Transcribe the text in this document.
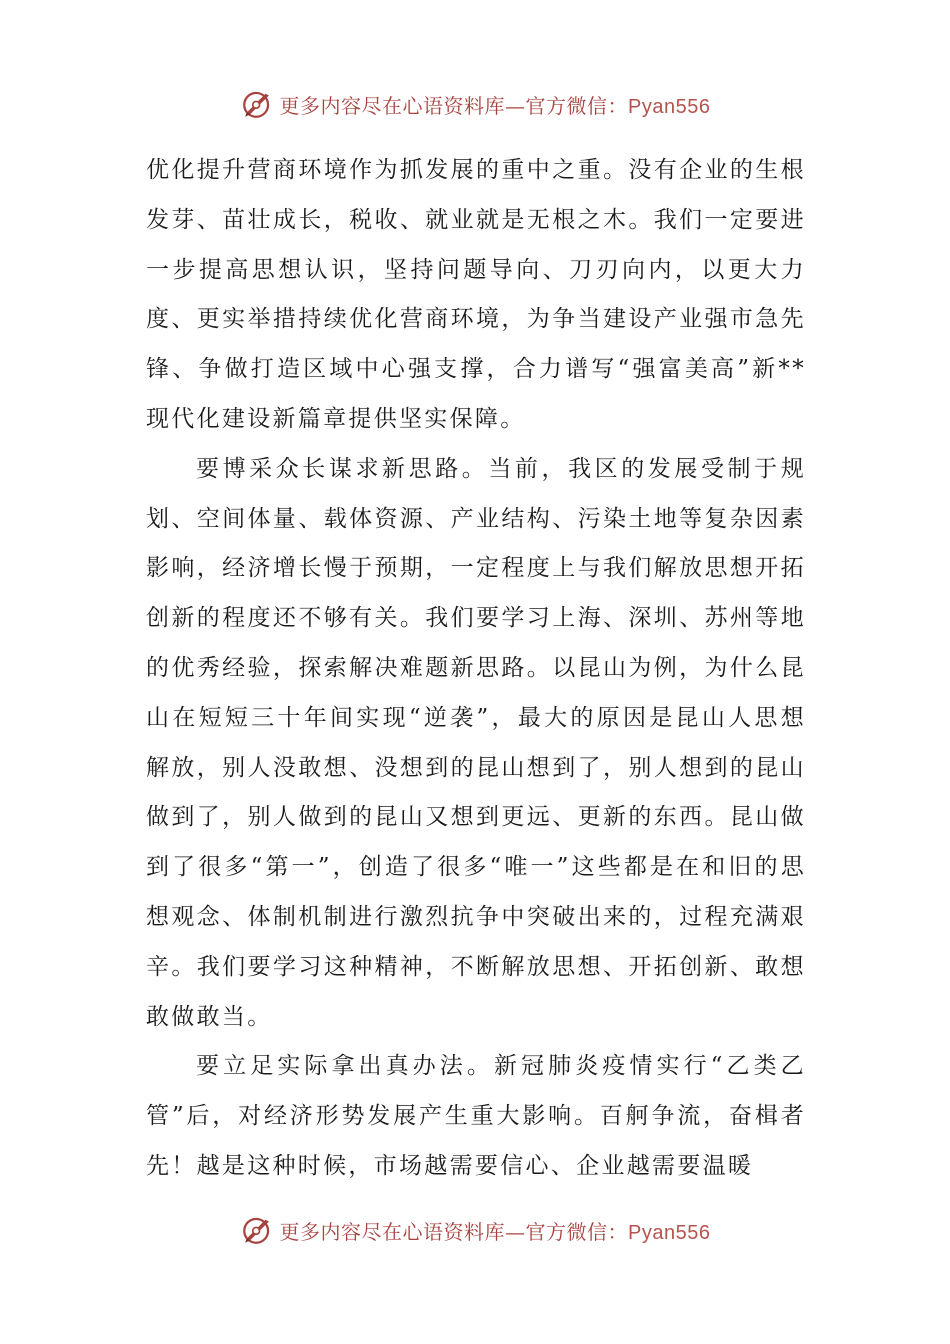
更多内容尽在心语资料库—官方微信：Pyan556

优化提升营商环境作为抓发展的重中之重。没有企业的生根发芽、苗壮成长，税收、就业就是无根之木。我们一定要进一步提高思想认识，坚持问题导向、刀刃向内，以更大力度、更实举措持续优化营商环境，为争当建设产业强市急先锋、争做打造区域中心强支撑，合力谱写“强富美高”新**现代化建设新篇章提供坚实保障。

要博采众长谋求新思路。当前，我区的发展受制于规划、空间体量、载体资源、产业结构、污染土地等复杂因素影响，经济增长慢于预期，一定程度上与我们解放思想开拓创新的程度还不够有关。我们要学习上海、深圳、苏州等地的优秀经验，探索解决难题新思路。以昆山为例，为什么昆山在短短三十年间实现“逆袭”，最大的原因是昆山人思想解放，别人没敢想、没想到的昆山想到了，别人想到的昆山做到了，别人做到的昆山又想到更远、更新的东西。昆山做到了很多“第一”，创造了很多“唯一”这些都是在和旧的思想观念、体制机制进行激烈抗争中突破出来的，过程充满艰辛。我们要学习这种精神，不断解放思想、开拓创新、敢想敢做敢当。

要立足实际拿出真办法。新冠肺炎疫情实行“乙类乙管”后，对经济形势发展产生重大影响。百舸争流，奋楫者先！越是这种时候，市场越需要信心、企业越需要温暖

更多内容尽在心语资料库—官方微信：Pyan556
